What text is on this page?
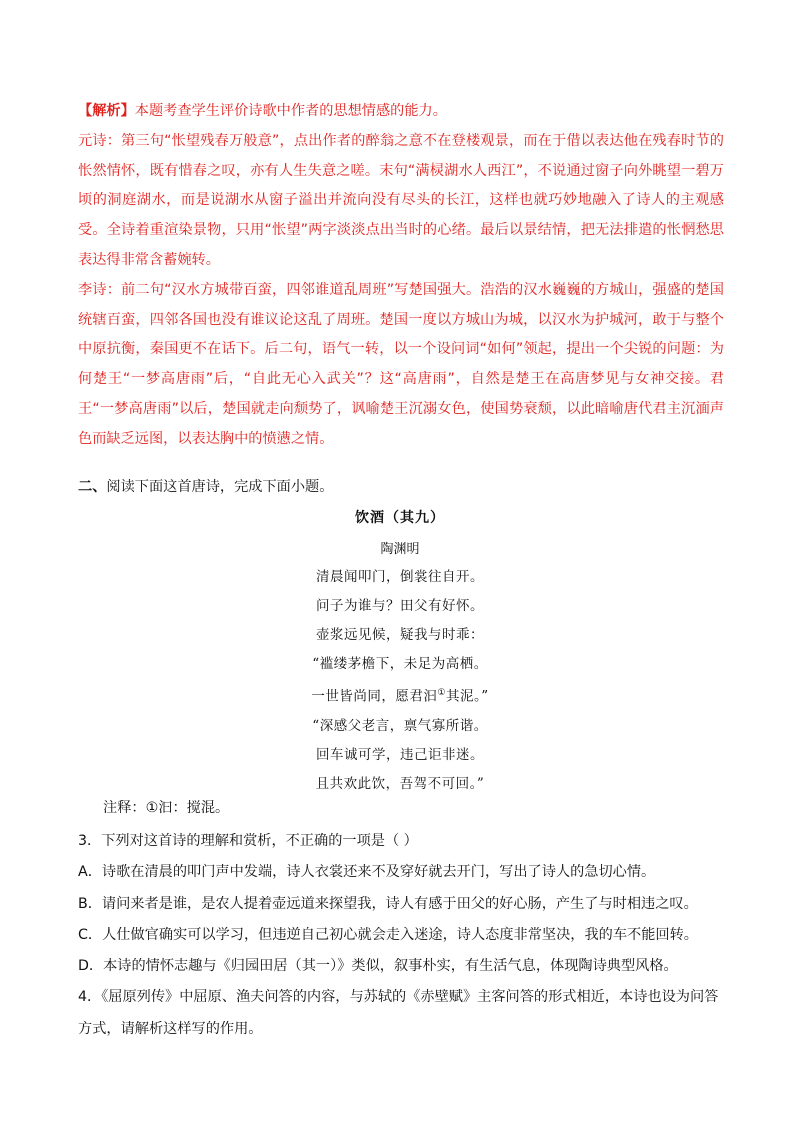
【解析】本题考查学生评价诗歌中作者的思想情感的能力。

元诗：第三句“怅望残春万般意”，点出作者的醉翁之意不在登楼观景，而在于借以表达他在残春时节的怅然情怀，既有惜春之叹，亦有人生失意之嗟。末句“满棂湖水人西江”，不说通过窗子向外眺望一碧万顷的洞庭湖水，而是说湖水从窗子溢出并流向没有尽头的长江，这样也就巧妙地融入了诗人的主观感受。全诗着重渲染景物，只用“怅望”两字淡淡点出当时的心绪。最后以景结情，把无法排遣的怅惘愁思表达得非常含蓄婉转。

李诗：前二句“汉水方城带百蛮，四邻谁道乱周班”写楚国强大。浩浩的汉水巍巍的方城山，强盛的楚国统辖百蛮，四邻各国也没有谁议论这乱了周班。楚国一度以方城山为城，以汉水为护城河，敢于与整个中原抗衡，秦国更不在话下。后二句，语气一转，以一个设问词“如何”领起，提出一个尖锐的问题：为何楚王“一梦高唐雨”后，“自此无心入武关”？这“高唐雨”，自然是楚王在高唐梦见与女神交接。君王“一梦高唐雨”以后，楚国就走向颓势了，讽喻楚王沉溺女色，使国势衰颓，以此暗喻唐代君主沉湎声色而缺乏远图，以表达胸中的愤懑之情。

二、阅读下面这首唐诗，完成下面小题。
饮酒（其九）
陶渊明
清晨闻叩门，倒裳往自开。
问子为谁与？田父有好怀。
壶浆远见候，疑我与时乖：
“褴缕茅檐下，未足为高栖。
一世皆尚同，愿君汩①其泥。”
“深感父老言，禀气寡所谐。
回车诚可学，违己讵非迷。
且共欢此饮，吾驾不可回。”
注释：①汩：搅混。

3．下列对这首诗的理解和赏析，不正确的一项是（ ）

A．诗歌在清晨的叩门声中发端，诗人衣裳还来不及穿好就去开门，写出了诗人的急切心情。

B．请问来者是谁，是农人提着壶远道来探望我，诗人有感于田父的好心肠，产生了与时相违之叹。

C．人仕做官确实可以学习，但违逆自己初心就会走入迷途，诗人态度非常坚决，我的车不能回转。

D．本诗的情怀志趣与《归园田居（其一）》类似，叙事朴实，有生活气息，体现陶诗典型风格。

4．《屈原列传》中屈原、渔夫问答的内容，与苏轼的《赤壁赋》主客问答的形式相近，本诗也设为问答方式，请解析这样写的作用。
